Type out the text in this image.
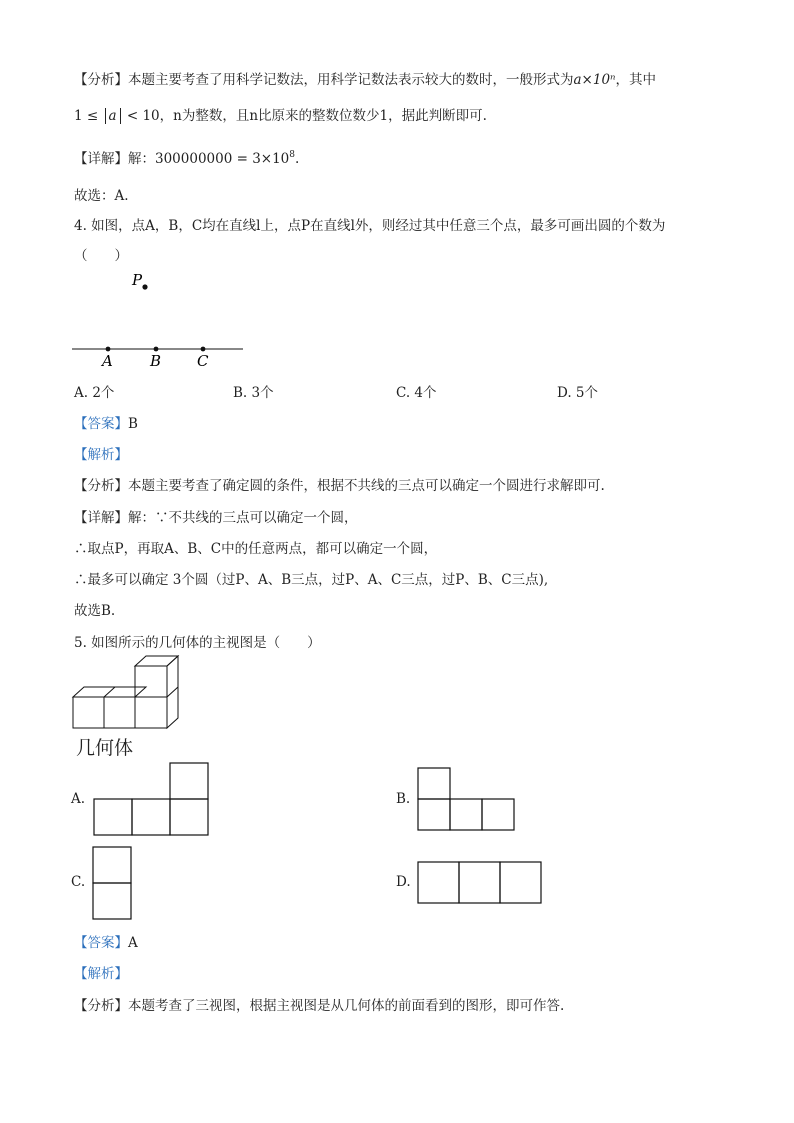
【分析】本题主要考查了用科学记数法，用科学记数法表示较大的数时，一般形式为a×10ⁿ，其中
1 ≤ a < 10，n为整数，且n比原来的整数位数少1，据此判断即可.
【详解】解：$300000000 = 3\times 10^8$.
故选：A.
4. 如图，点A，B，C均在直线l上，点P在直线l外，则经过其中任意三个点，最多可画出圆的个数为
（　　）
P
A B C
A. 2个	B. 3个	C. 4个	D. 5个
【答案】B
【解析】
【分析】本题主要考查了确定圆的条件，根据不共线的三点可以确定一个圆进行求解即可.
【详解】解：∵不共线的三点可以确定一个圆，
∴取点P，再取A、B、C中的任意两点，都可以确定一个圆，
∴最多可以确定 3个圆（过P、A、B三点，过P、A、C三点，过P、B、C三点),
故选B.
5. 如图所示的几何体的主视图是（　　）
几何体
A.	B.
C.	D.
【答案】A
【解析】
【分析】本题考查了三视图，根据主视图是从几何体的前面看到的图形，即可作答.
